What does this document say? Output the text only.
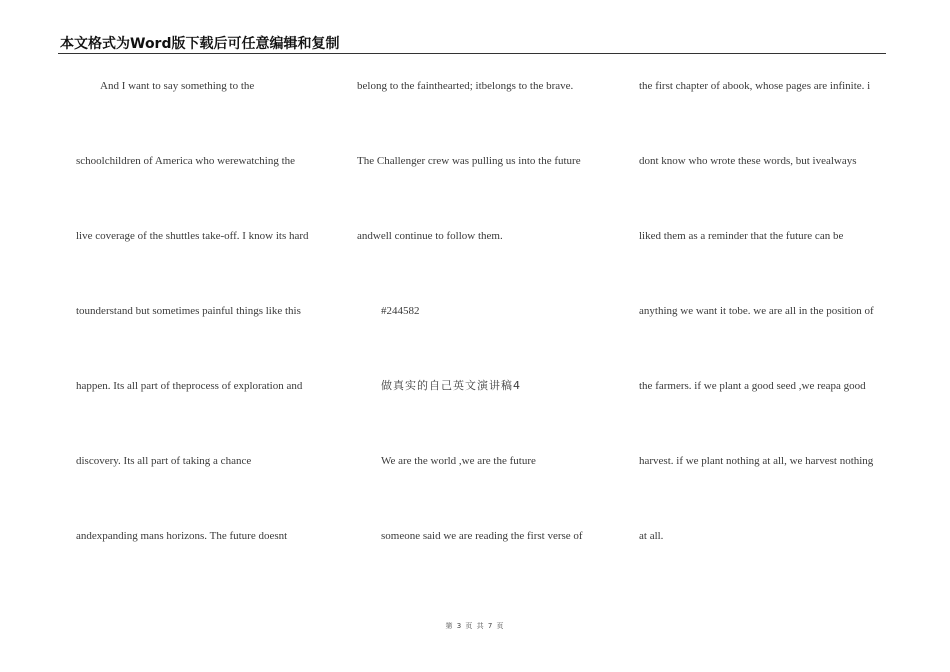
本文格式为Word版下载后可任意编辑和复制
And I want to say something to the
schoolchildren of America who werewatching the
live coverage of the shuttles take-off. I know its hard
tounderstand but sometimes painful things like this
happen. Its all part of theprocess of exploration and
discovery. Its all part of taking a chance
andexpanding mans horizons. The future doesnt
belong to the fainthearted; itbelongs to the brave.
The Challenger crew was pulling us into the future
andwell continue to follow them.
#244582
做真实的自己英文演讲稿4
We are the world ,we are the future
someone said we are reading the first verse of
the first chapter of abook, whose pages are infinite. i
dont know who wrote these words, but ivealways
liked them as a reminder that the future can be
anything we want it tobe. we are all in the position of
the farmers. if we plant a good seed ,we reapa good
harvest. if we plant nothing at all, we harvest nothing
at all.
第 3 页 共 7 页
